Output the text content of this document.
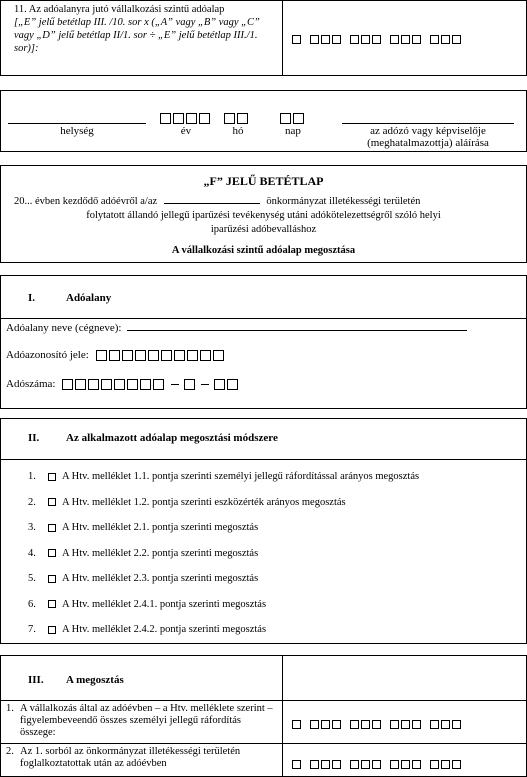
11. Az adóalanyra jutó vállalkozási szintű adóalap
[„E” jelű betétlap III. /10. sor x („A” vagy „B” vagy „C” vagy „D” jelű betétlap II/1. sor ÷ „E” jelű betétlap III./1. sor)]:
helység	év	hó	nap	az adózó vagy képviselője (meghatalmazottja) aláírása
„F” JELŰ BETÉTLAP
20... évben kezdődő adóévről a/az	önkormányzat illetékességi területén
folytatott állandó jellegű iparűzési tevékenység utáni adókötelezettségről szóló helyi
iparűzési adóbevalláshoz
A vállalkozási szintű adóalap megosztása
I.	Adóalany
Adóalany neve (cégneve):
Adóazonosító jele:
Adószáma:
II. Az alkalmazott adóalap megosztási módszere
1. A Htv. melléklet 1.1. pontja szerinti személyi jellegű ráfordítással arányos megosztás
2. A Htv. melléklet 1.2. pontja szerinti eszközérték arányos megosztás
3. A Htv. melléklet 2.1. pontja szerinti megosztás
4. A Htv. melléklet 2.2. pontja szerinti megosztás
5. A Htv. melléklet 2.3. pontja szerinti megosztás
6. A Htv. melléklet 2.4.1. pontja szerinti megosztás
7. A Htv. melléklet 2.4.2. pontja szerinti megosztás
III. A megosztás
1. A vállalkozás által az adóévben – a Htv. melléklete szerint – figyelembeveendő összes személyi jellegű ráfordítás összege:
2. Az 1. sorból az önkormányzat illetékességi területén foglalkoztatottak után az adóévben
